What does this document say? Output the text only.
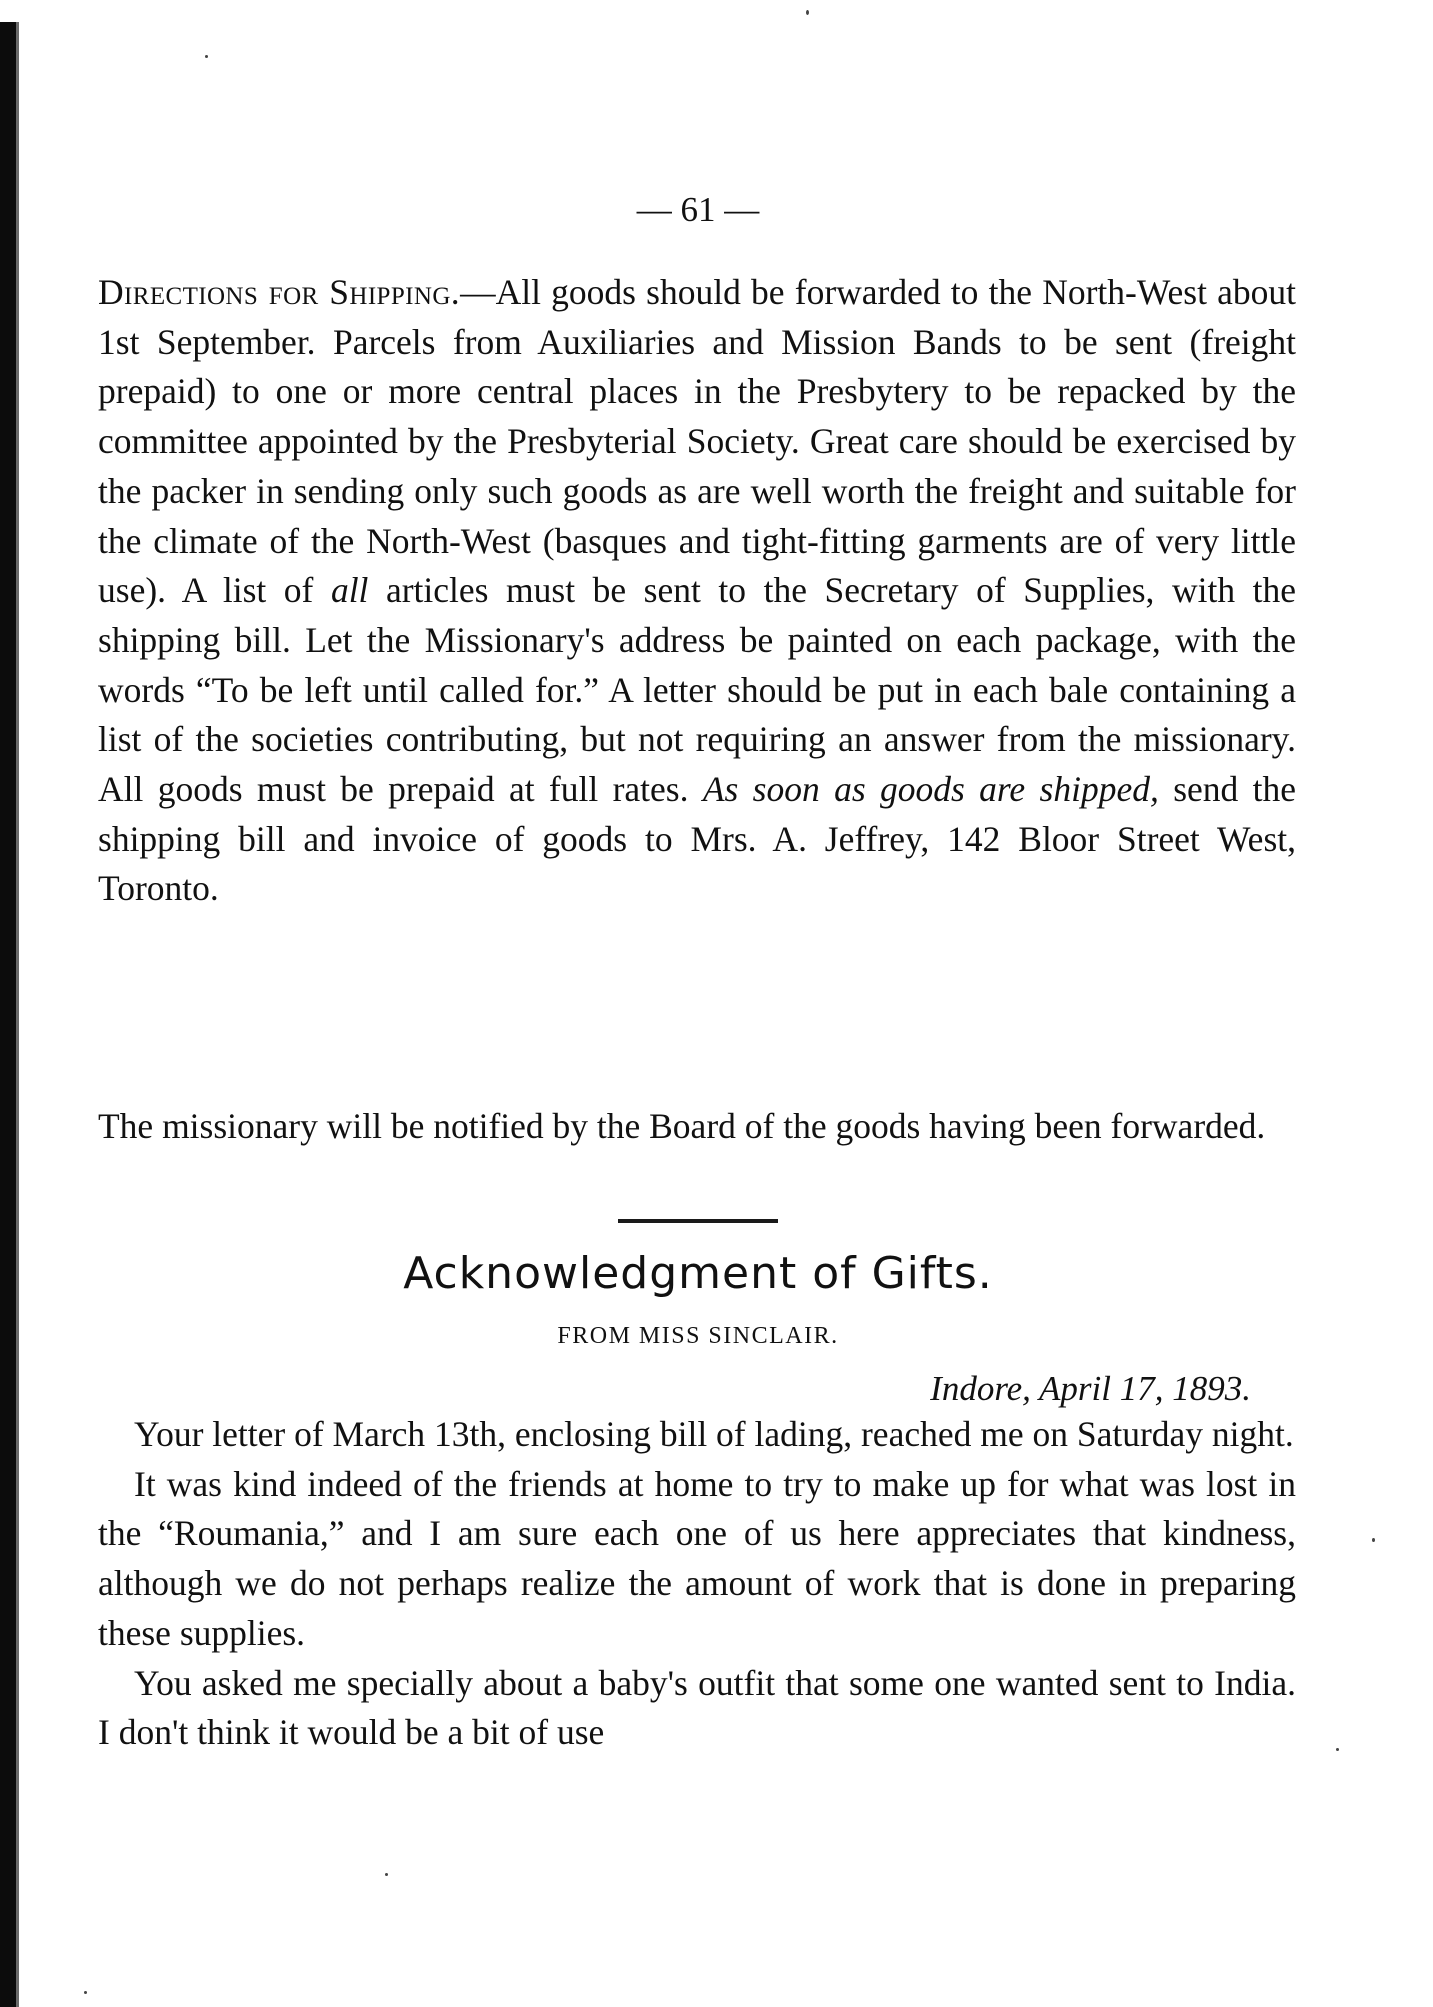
— 61 —
Directions for Shipping.—All goods should be forwarded to the North-West about 1st September. Parcels from Auxiliaries and Mission Bands to be sent (freight prepaid) to one or more central places in the Presbytery to be repacked by the committee appointed by the Presbyterial Society. Great care should be exercised by the packer in sending only such goods as are well worth the freight and suitable for the climate of the North-West (basques and tight-fitting garments are of very little use). A list of all articles must be sent to the Secretary of Supplies, with the shipping bill. Let the Missionary's address be painted on each package, with the words “To be left until called for.” A letter should be put in each bale containing a list of the societies contributing, but not requiring an answer from the missionary. All goods must be prepaid at full rates. As soon as goods are shipped, send the shipping bill and invoice of goods to Mrs. A. Jeffrey, 142 Bloor Street West, Toronto.
The missionary will be notified by the Board of the goods having been forwarded.
Acknowledgment of Gifts.
FROM MISS SINCLAIR.
Indore, April 17, 1893.
Your letter of March 13th, enclosing bill of lading, reached me on Saturday night.
It was kind indeed of the friends at home to try to make up for what was lost in the “Roumania,” and I am sure each one of us here appreciates that kindness, although we do not perhaps realize the amount of work that is done in preparing these supplies.
You asked me specially about a baby's outfit that some one wanted sent to India. I don't think it would be a bit of use
